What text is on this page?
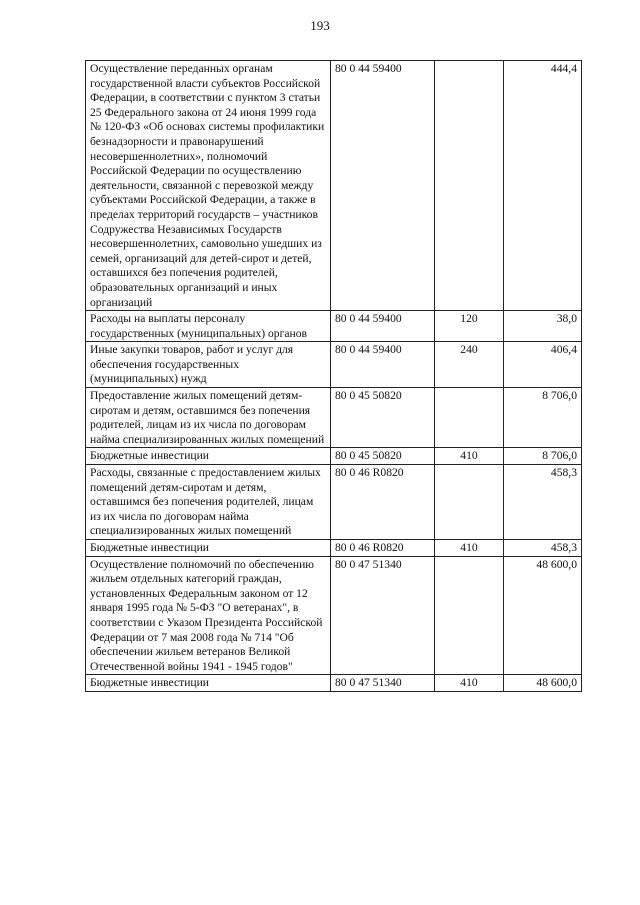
193
Осуществление переданных органам государственной власти субъектов Российской Федерации, в соответствии с пунктом 3 статьи 25 Федерального закона от 24 июня 1999 года № 120-ФЗ «Об основах системы профилактики безнадзорности и правонарушений несовершеннолетних», полномочий Российской Федерации по осуществлению деятельности, связанной с перевозкой между субъектами Российской Федерации, а также в пределах территорий государств – участников Содружества Независимых Государств несовершеннолетних, самовольно ушедших из семей, организаций для детей-сирот и детей, оставшихся без попечения родителей, образовательных организаций и иных организаций	80 0 44 59400		444,4
Расходы на выплаты персоналу государственных (муниципальных) органов	80 0 44 59400	120	38,0
Иные закупки товаров, работ и услуг для обеспечения государственных (муниципальных) нужд	80 0 44 59400	240	406,4
Предоставление жилых помещений детям-сиротам и детям, оставшимся без попечения родителей, лицам из их числа по договорам найма специализированных жилых помещений	80 0 45 50820		8 706,0
Бюджетные инвестиции	80 0 45 50820	410	8 706,0
Расходы, связанные с предоставлением жилых помещений детям-сиротам и детям, оставшимся без попечения родителей, лицам из их числа по договорам найма специализированных жилых помещений	80 0 46 R0820		458,3
Бюджетные инвестиции	80 0 46 R0820	410	458,3
Осуществление полномочий по обеспечению жильем отдельных категорий граждан, установленных Федеральным законом от 12 января 1995 года № 5-ФЗ "О ветеранах", в соответствии с Указом Президента Российской Федерации от 7 мая 2008 года № 714 "Об обеспечении жильем ветеранов Великой Отечественной войны 1941 - 1945 годов"	80 0 47 51340		48 600,0
Бюджетные инвестиции	80 0 47 51340	410	48 600,0
